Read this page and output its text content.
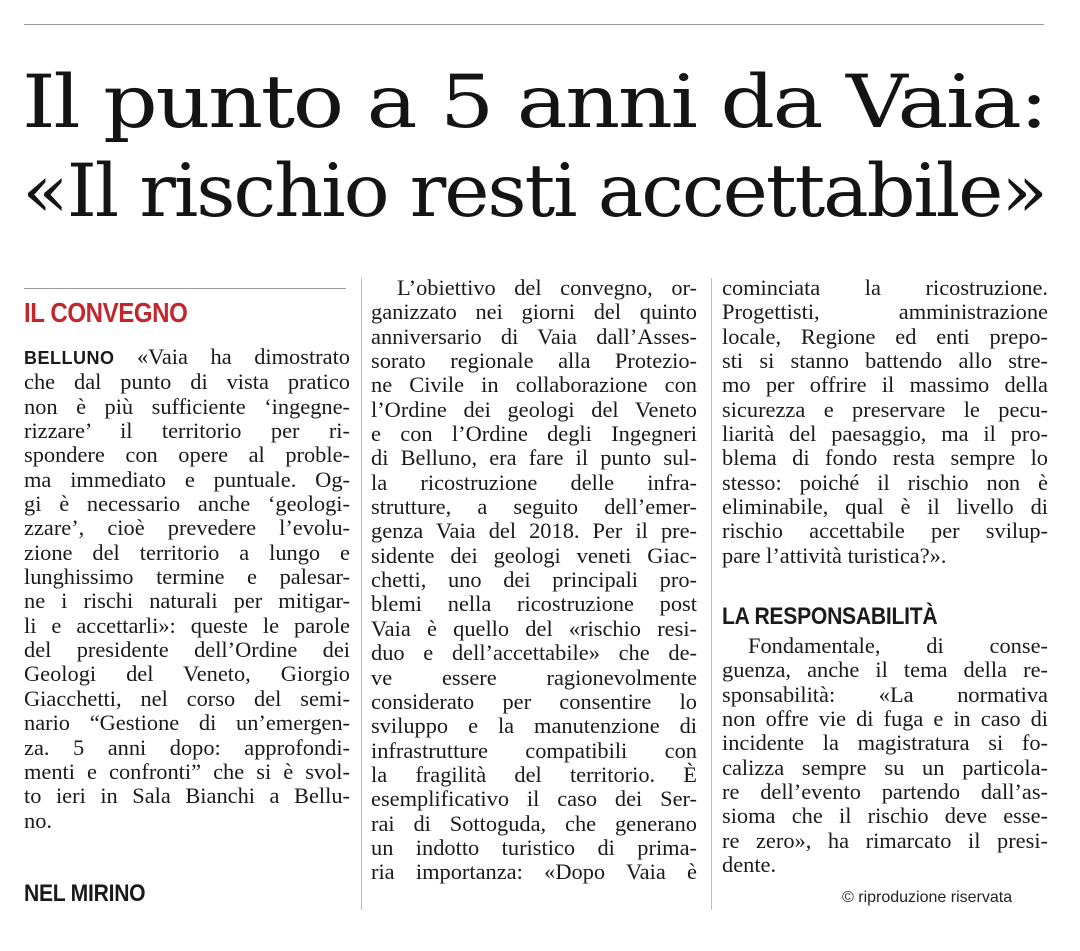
Il punto a 5 anni da Vaia:
«Il rischio resti accettabile»
IL CONVEGNO
BELLUNO «Vaia ha dimostrato
che dal punto di vista pratico
non è più sufficiente ‘ingegne-
rizzare’ il territorio per ri-
spondere con opere al proble-
ma immediato e puntuale. Og-
gi è necessario anche ‘geologi-
zzare’, cioè prevedere l’evolu-
zione del territorio a lungo e
lunghissimo termine e palesar-
ne i rischi naturali per mitigar-
li e accettarli»: queste le parole
del presidente dell’Ordine dei
Geologi del Veneto, Giorgio
Giacchetti, nel corso del semi-
nario “Gestione di un’emergen-
za. 5 anni dopo: approfondi-
menti e confronti” che si è svol-
to ieri in Sala Bianchi a Bellu-
no.
NEL MIRINO
L’obiettivo del convegno, or-
ganizzato nei giorni del quinto
anniversario di Vaia dall’Asses-
sorato regionale alla Protezio-
ne Civile in collaborazione con
l’Ordine dei geologi del Veneto
e con l’Ordine degli Ingegneri
di Belluno, era fare il punto sul-
la ricostruzione delle infra-
strutture, a seguito dell’emer-
genza Vaia del 2018. Per il pre-
sidente dei geologi veneti Giac-
chetti, uno dei principali pro-
blemi nella ricostruzione post
Vaia è quello del «rischio resi-
duo e dell’accettabile» che de-
ve essere ragionevolmente
considerato per consentire lo
sviluppo e la manutenzione di
infrastrutture compatibili con
la fragilità del territorio. È
esemplificativo il caso dei Ser-
rai di Sottoguda, che generano
un indotto turistico di prima-
ria importanza: «Dopo Vaia è
cominciata la ricostruzione.
Progettisti, amministrazione
locale, Regione ed enti prepo-
sti si stanno battendo allo stre-
mo per offrire il massimo della
sicurezza e preservare le pecu-
liarità del paesaggio, ma il pro-
blema di fondo resta sempre lo
stesso: poiché il rischio non è
eliminabile, qual è il livello di
rischio accettabile per svilup-
pare l’attività turistica?».
LA RESPONSABILITÀ
Fondamentale, di conse-
guenza, anche il tema della re-
sponsabilità: «La normativa
non offre vie di fuga e in caso di
incidente la magistratura si fo-
calizza sempre su un particola-
re dell’evento partendo dall’as-
sioma che il rischio deve esse-
re zero», ha rimarcato il presi-
dente.
© riproduzione riservata
